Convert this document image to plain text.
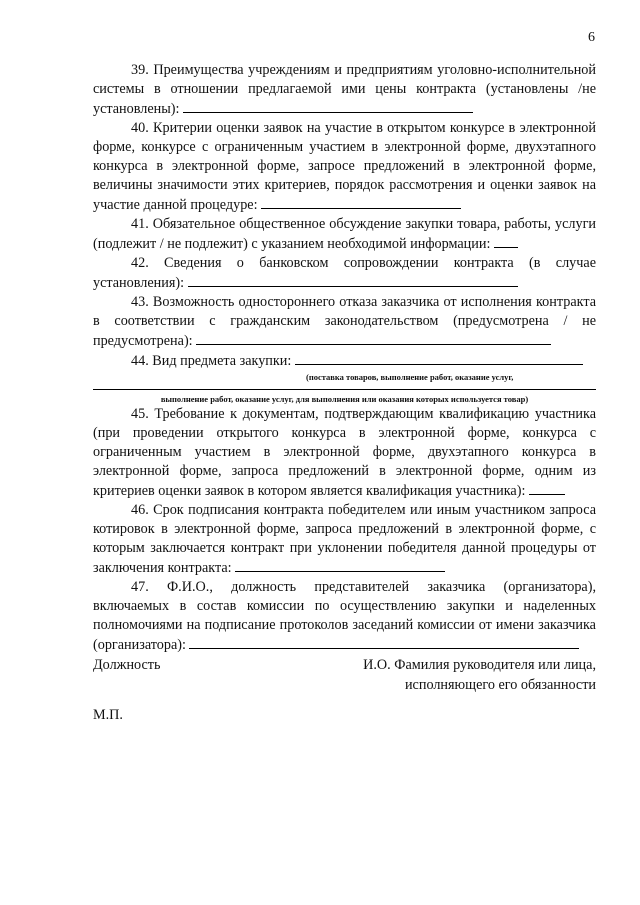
6

39. Преимущества учреждениям и предприятиям уголовно-исполнительной системы в отношении предлагаемой ими цены контракта (установлены /не установлены):

40. Критерии оценки заявок на участие в открытом конкурсе в электронной форме, конкурсе с ограниченным участием в электронной форме, двухэтапного конкурса в электронной форме, запросе предложений в электронной форме, величины значимости этих критериев, порядок рассмотрения и оценки заявок на участие данной процедуре:

41. Обязательное общественное обсуждение закупки товара, работы, услуги (подлежит / не подлежит) с указанием необходимой информации:

42. Сведения о банковском сопровождении контракта (в случае установления):

43. Возможность одностороннего отказа заказчика от исполнения контракта в соответствии с гражданским законодательством (предусмотрена / не предусмотрена):

44. Вид предмета закупки:

(поставка товаров, выполнение работ, оказание услуг,

выполнение работ, оказание услуг, для выполнения или оказания которых используется товар)

45. Требование к документам, подтверждающим квалификацию участника (при проведении открытого конкурса в электронной форме, конкурса с ограниченным участием в электронной форме, двухэтапного конкурса в электронной форме, запроса предложений в электронной форме, одним из критериев оценки заявок в котором является квалификация участника):

46. Срок подписания контракта победителем или иным участником запроса котировок в электронной форме, запроса предложений в электронной форме, с которым заключается контракт при уклонении победителя данной процедуры от заключения контракта:

47. Ф.И.О., должность представителей заказчика (организатора), включаемых в состав комиссии по осуществлению закупки и наделенных полномочиями на подписание протоколов заседаний комиссии от имени заказчика (организатора):

Должность	И.О. Фамилия руководителя или лица,
исполняющего его обязанности
М.П.
